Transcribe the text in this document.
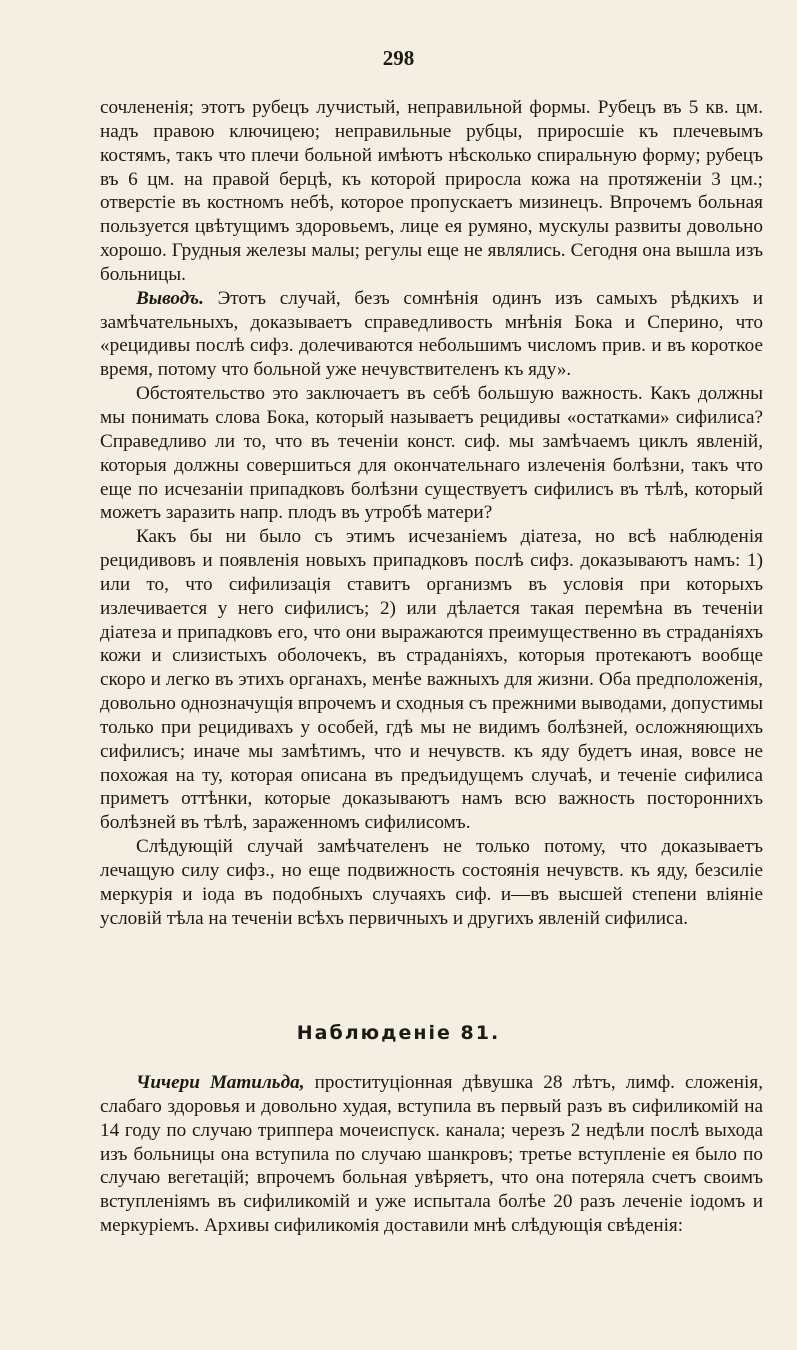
298

сочлененія; этотъ рубецъ лучистый, неправильной формы. Рубецъ въ 5 кв. цм. надъ правою ключицею; неправильные рубцы, приросшіе къ плечевымъ костямъ, такъ что плечи больной имѣютъ нѣсколько спиральную форму; рубецъ въ 6 цм. на правой берцѣ, къ которой приросла кожа на протяженіи 3 цм.; отверстіе въ костномъ небѣ, которое пропускаетъ мизинецъ. Впрочемъ больная пользуется цвѣтущимъ здоровьемъ, лице ея румяно, мускулы развиты довольно хорошо. Грудныя железы малы; регулы еще не являлись. Сегодня она вышла изъ больницы.

Выводъ. Этотъ случай, безъ сомнѣнія одинъ изъ самыхъ рѣдкихъ и замѣчательныхъ, доказываетъ справедливость мнѣнія Бока и Сперино, что «рецидивы послѣ сифз. долечиваются небольшимъ числомъ прив. и въ короткое время, потому что больной уже нечувствителенъ къ яду».

Обстоятельство это заключаетъ въ себѣ большую важность. Какъ должны мы понимать слова Бока, который называетъ рецидивы «остатками» сифилиса? Справедливо ли то, что въ теченіи конст. сиф. мы замѣчаемъ циклъ явленій, которыя должны совершиться для окончательнаго излеченія болѣзни, такъ что еще по исчезаніи припадковъ болѣзни существуетъ сифилисъ въ тѣлѣ, который можетъ заразить напр. плодъ въ утробѣ матери?

Какъ бы ни было съ этимъ исчезаніемъ діатеза, но всѣ наблюденія рецидивовъ и появленія новыхъ припадковъ послѣ сифз. доказываютъ намъ: 1) или то, что сифилизація ставитъ организмъ въ условія при которыхъ излечивается у него сифилисъ; 2) или дѣлается такая перемѣна въ теченіи діатеза и припадковъ его, что они выражаются преимущественно въ страданіяхъ кожи и слизистыхъ оболочекъ, въ страданіяхъ, которыя протекаютъ вообще скоро и легко въ этихъ органахъ, менѣе важныхъ для жизни. Оба предположенія, довольно однозначущія впрочемъ и сходныя съ прежними выводами, допустимы только при рецидивахъ у особей, гдѣ мы не видимъ болѣзней, осложняющихъ сифилисъ; иначе мы замѣтимъ, что и нечувств. къ яду будетъ иная, вовсе не похожая на ту, которая описана въ предъидущемъ случаѣ, и теченіе сифилиса приметъ оттѣнки, которые доказываютъ намъ всю важность посторонниxъ болѣзней въ тѣлѣ, зараженномъ сифилисомъ.

Слѣдующій случай замѣчателенъ не только потому, что доказываетъ лечащую силу сифз., но еще подвижность состоянія нечувств. къ яду, безсиліе меркурія и іода въ подобныхъ случаяхъ сиф. и—въ высшей степени вліяніе условій тѣла на теченіи всѣхъ первичныхъ и другихъ явленій сифилиса.

Наблюденіе 81.

Чичери Матильда, проституціонная дѣвушка 28 лѣтъ, лимф. сложенія, слабаго здоровья и довольно худая, вступила въ первый разъ въ сифиликомій на 14 году по случаю триппера мочеиспуск. канала; черезъ 2 недѣли послѣ выхода изъ больницы она вступила по случаю шанкровъ; третье вступленіе ея было по случаю вегетацій; впрочемъ больная увѣряетъ, что она потеряла счетъ своимъ вступленіямъ въ сифиликомій и уже испытала болѣе 20 разъ леченіе іодомъ и меркуріемъ. Архивы сифиликомія доставили мнѣ слѣдующія свѣденія:
